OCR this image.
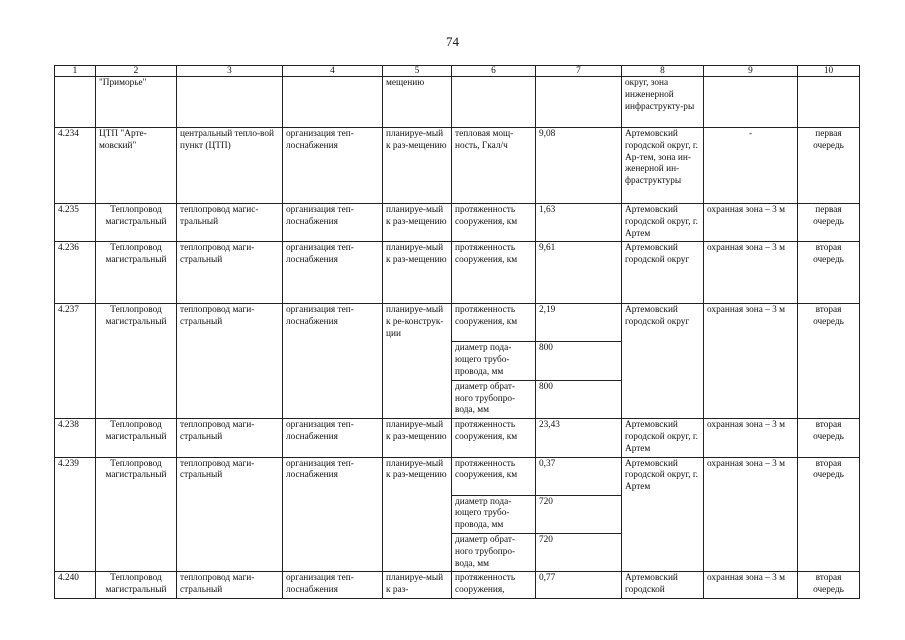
74
1	2	3	4	5	6	7	8	9	10
	"Приморье"			мещению			округ, зона инженерной инфраструкту-ры		
4.234	ЦТП "Арте-мовский"	центральный тепло-вой пункт (ЦТП)	организация теп-лоснабжения	планируе-мый к раз-мещению	тепловая мощ-ность, Гкал/ч	9,08	Артемовский городской округ, г. Ар-тем, зона ин-женерной ин-фраструктуры	-	первая очередь
4.235	Теплопровод магистральный	теплопровод магис-тральный	организация теп-лоснабжения	планируе-мый к раз-мещению	протяженность сооружения, км	1,63	Артемовский городской округ, г. Артем	охранная зона – 3 м	первая очередь
4.236	Теплопровод магистральный	теплопровод маги-стральный	организация теп-лоснабжения	планируе-мый к раз-мещению	протяженность сооружения, км	9,61	Артемовский городской округ	охранная зона – 3 м	вторая очередь
4.237	Теплопровод магистральный	теплопровод маги-стральный	организация теп-лоснабжения	планируе-мый к ре-конструк-ции	протяженность сооружения, км	2,19	Артемовский городской округ	охранная зона – 3 м	вторая очередь
					диаметр пода-ющего трубо-провода, мм	800			
					диаметр обрат-ного трубопро-вода, мм	800			
4.238	Теплопровод магистральный	теплопровод маги-стральный	организация теп-лоснабжения	планируе-мый к раз-мещению	протяженность сооружения, км	23,43	Артемовский городской округ, г. Артем	охранная зона – 3 м	вторая очередь
4.239	Теплопровод магистральный	теплопровод маги-стральный	организация теп-лоснабжения	планируе-мый к раз-мещению	протяженность сооружения, км	0,37	Артемовский городской округ, г. Артем	охранная зона – 3 м	вторая очередь
					диаметр пода-ющего трубо-провода, мм	720			
					диаметр обрат-ного трубопро-вода, мм	720			
4.240	Теплопровод магистральный	теплопровод маги-стральный	организация теп-лоснабжения	планируе-мый к раз-	протяженность сооружения,	0,77	Артемовский городской	охранная зона – 3 м	вторая очередь
